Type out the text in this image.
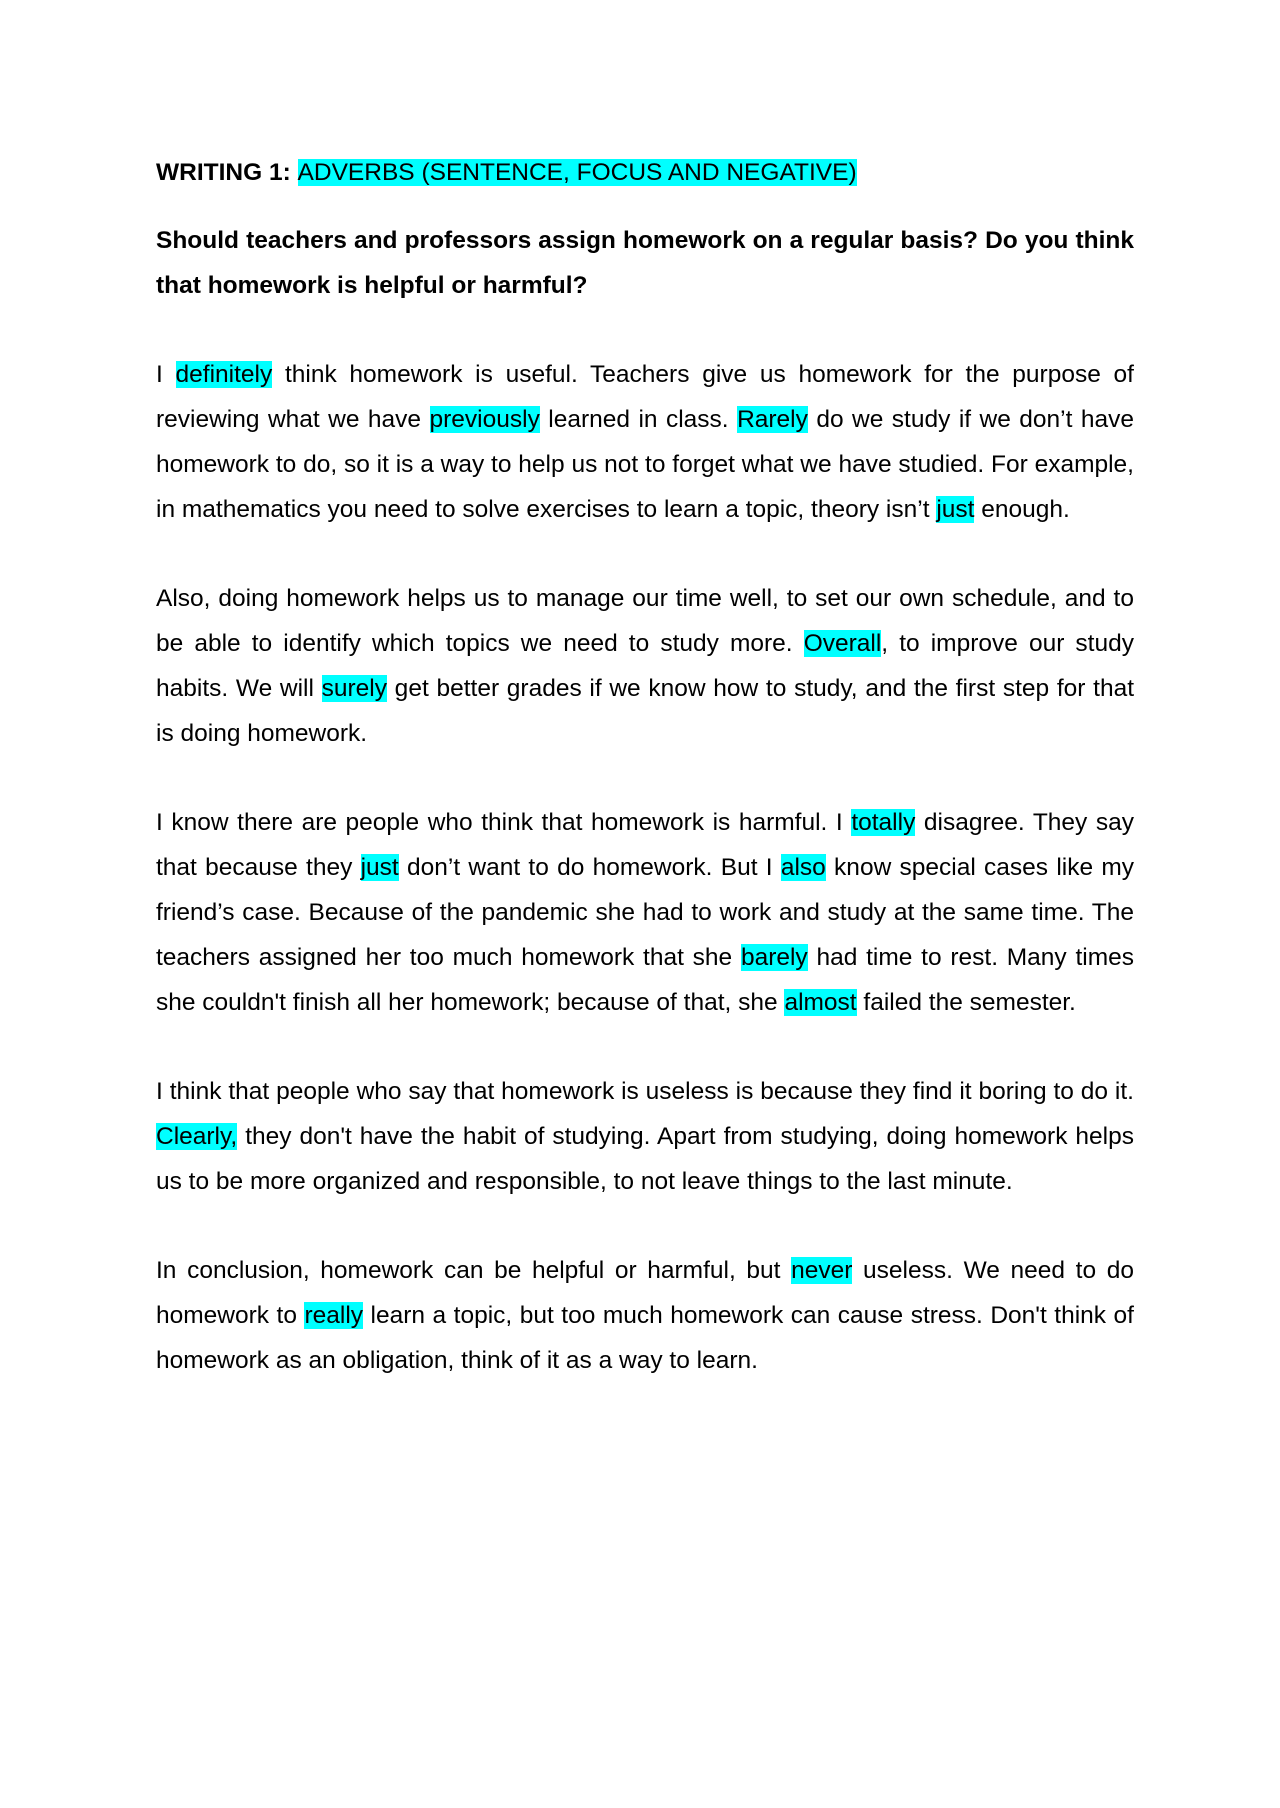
WRITING 1: ADVERBS (SENTENCE, FOCUS AND NEGATIVE)

Should teachers and professors assign homework on a regular basis? Do you think that homework is helpful or harmful?

I definitely think homework is useful. Teachers give us homework for the purpose of reviewing what we have previously learned in class. Rarely do we study if we don’t have homework to do, so it is a way to help us not to forget what we have studied. For example, in mathematics you need to solve exercises to learn a topic, theory isn’t just enough.

Also, doing homework helps us to manage our time well, to set our own schedule, and to be able to identify which topics we need to study more. Overall, to improve our study habits. We will surely get better grades if we know how to study, and the first step for that is doing homework.

I know there are people who think that homework is harmful. I totally disagree. They say that because they just don’t want to do homework. But I also know special cases like my friend’s case. Because of the pandemic she had to work and study at the same time. The teachers assigned her too much homework that she barely had time to rest. Many times she couldn't finish all her homework; because of that, she almost failed the semester.

I think that people who say that homework is useless is because they find it boring to do it. Clearly, they don't have the habit of studying. Apart from studying, doing homework helps us to be more organized and responsible, to not leave things to the last minute.

In conclusion, homework can be helpful or harmful, but never useless. We need to do homework to really learn a topic, but too much homework can cause stress. Don't think of homework as an obligation, think of it as a way to learn.
